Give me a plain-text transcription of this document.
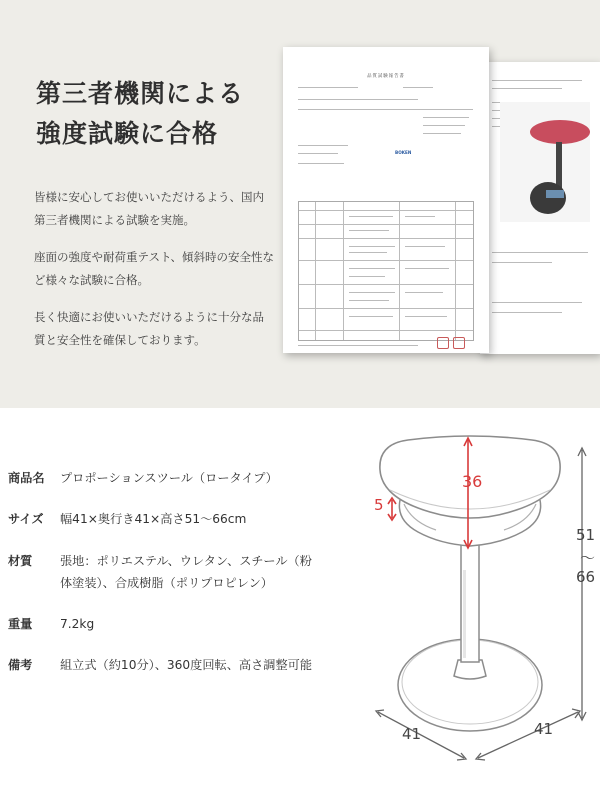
第三者機関による
強度試験に合格

皆様に安心してお使いいただけるよう、国内第三者機関による試験を実施。

座面の強度や耐荷重テスト、傾斜時の安全性など様々な試験に合格。

長く快適にお使いいただけるように十分な品質と安全性を確保しております。

品質試験報告書
BOKEN
商品名	プロポーションスツール（ロータイプ）
サイズ	幅41×奥行き41×高さ51〜66cm
材質	張地：ポリエステル、ウレタン、スチール（粉体塗装）、合成樹脂（ポリプロピレン）
重量	7.2kg
備考	組立式（約10分）、360度回転、高さ調整可能
36
5
51
〜
66
41	41
